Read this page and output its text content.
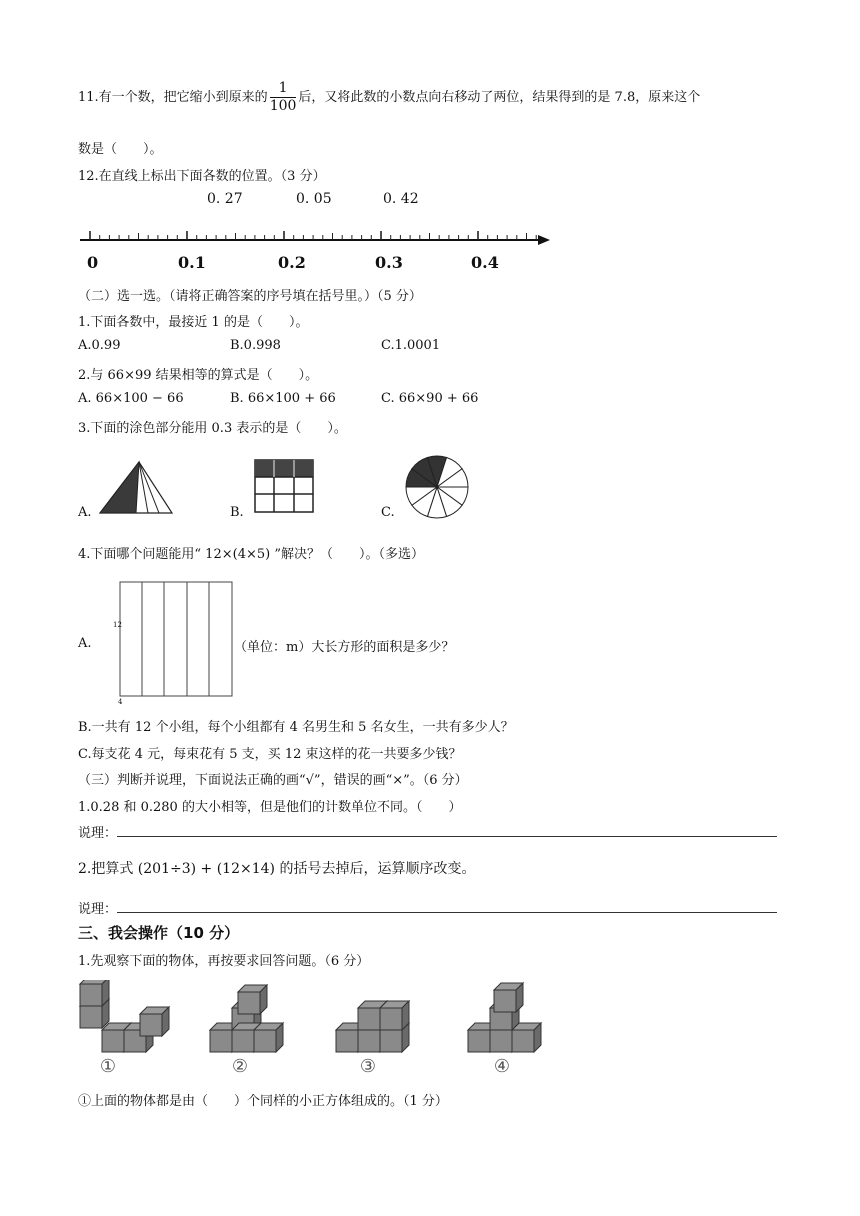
11.有一个数，把它缩小到原来的 $\frac{1}{100}$ 后，又将此数的小数点向右移动了两位，结果得到的是 7.8，原来这个
数是（　　）。
12.在直线上标出下面各数的位置。（3 分）
0. 27	0. 05	0. 42
0	0.1	0.2	0.3	0.4
（二）选一选。（请将正确答案的序号填在括号里。）（5 分）
1.下面各数中，最接近 1 的是（　　）。
A.0.99	B.0.998	C.1.0001
2.与 66×99 结果相等的算式是（　　）。
A. 66×100 − 66	B. 66×100 + 66	C. 66×90 + 66
3.下面的涂色部分能用 0.3 表示的是（　　）。
A.	B.	C.
4.下面哪个问题能用“ 12×(4×5) ”解决？（　　）。（多选）
A.
12
4
（单位：m）大长方形的面积是多少？
B.一共有 12 个小组，每个小组都有 4 名男生和 5 名女生，一共有多少人？
C.每支花 4 元，每束花有 5 支，买 12 束这样的花一共要多少钱？
（三）判断并说理，下面说法正确的画“√”，错误的画“×”。（6 分）
1.0.28 和 0.280 的大小相等，但是他们的计数单位不同。（　　）
说理：
2.把算式 (201÷3) + (12×14) 的括号去掉后，运算顺序改变。
说理：
三、我会操作（10 分）
1.先观察下面的物体，再按要求回答问题。（6 分）
①	②	③	④
①上面的物体都是由（　　）个同样的小正方体组成的。（1 分）
